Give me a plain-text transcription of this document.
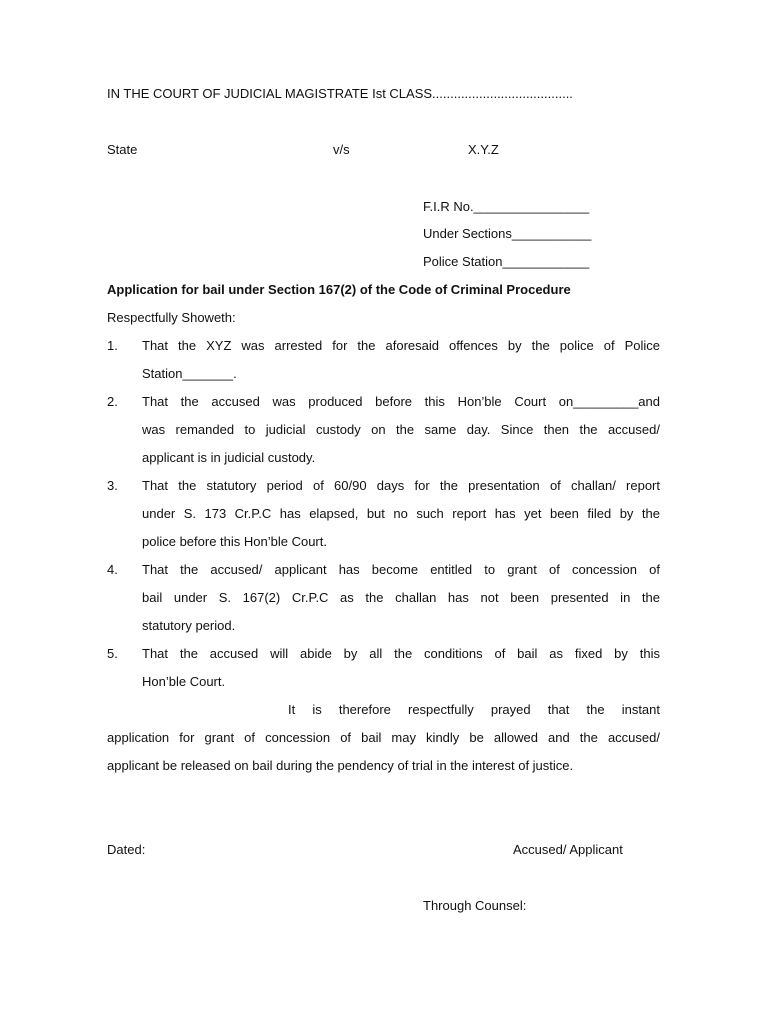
IN THE COURT OF JUDICIAL MAGISTRATE Ist CLASS.......................................
State	v/s	X.Y.Z
F.I.R No.________________
Under Sections___________
Police Station____________
Application for bail under Section 167(2) of the Code of Criminal Procedure
Respectfully Showeth:
1. That the XYZ was arrested for the aforesaid offences by the police of Police
Station_______.
2. That the accused was produced before this Hon’ble Court on_________and
was remanded to judicial custody on the same day. Since then the accused/
applicant is in judicial custody.
3. That the statutory period of 60/90 days for the presentation of challan/ report
under S. 173 Cr.P.C has elapsed, but no such report has yet been filed by the
police before this Hon’ble Court.
4. That the accused/ applicant has become entitled to grant of concession of
bail under S. 167(2) Cr.P.C as the challan has not been presented in the
statutory period.
5. That the accused will abide by all the conditions of bail as fixed by this
Hon’ble Court.
It is therefore respectfully prayed that the instant
application for grant of concession of bail may kindly be allowed and the accused/
applicant be released on bail during the pendency of trial in the interest of justice.
Dated:	Accused/ Applicant
Through Counsel:
